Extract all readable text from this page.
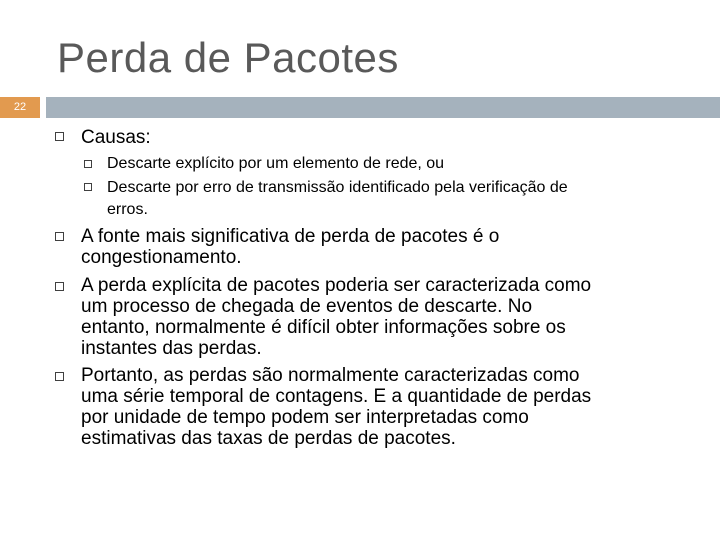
Perda de Pacotes
22
Causas:
Descarte explícito por um elemento de rede, ou
Descarte por erro de transmissão identificado pela verificação de
erros.
A fonte mais significativa de perda de pacotes é o
congestionamento.
A perda explícita de pacotes poderia ser caracterizada como
um processo de chegada de eventos de descarte. No
entanto, normalmente é difícil obter informações sobre os
instantes das perdas.
Portanto, as perdas são normalmente caracterizadas como
uma série temporal de contagens. E a quantidade de perdas
por unidade de tempo podem ser interpretadas como
estimativas das taxas de perdas de pacotes.
